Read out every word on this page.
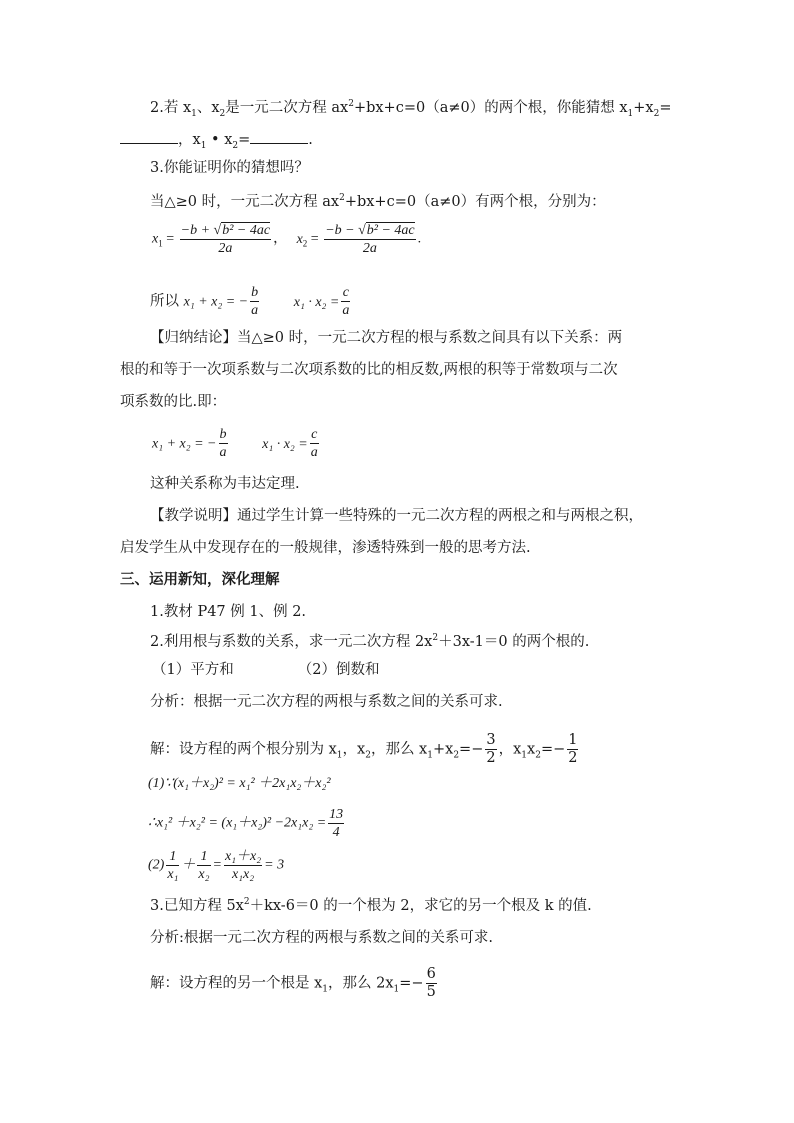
2.若 $x_1$、$x_2$是一元二次方程 $ax^2+bx+c=0(a\ne 0)$的两个根，你能猜想 $x_1+x_2=$
，$x_1$ • $x_2=$	.
3.你能证明你的猜想吗？
当△≥0 时，一元二次方程 $ax^2+bx+c=0(a\ne 0)$有两个根，分别为：
$x_1 = \frac{\text{−b + √b² − 4ac}}{2a}$ ， $x_2 = \frac{\text{−b − √b² − 4ac}}{2a}$ .
所以 x₁ + x₂ = − $\frac{b}{a} x_1 \cdot x_2 = \frac{c}{a}$
【归纳结论】当△≥0 时，一元二次方程的根与系数之间具有以下关系：两
根的和等于一次项系数与二次项系数的比的相反数,两根的积等于常数项与二次
项系数的比.即：
x₁ + x₂ = − $\frac{b}{a} x_1 \cdot x_2 = \frac{c}{a}$
这种关系称为韦达定理.
【教学说明】通过学生计算一些特殊的一元二次方程的两根之和与两根之积，
启发学生从中发现存在的一般规律，渗透特殊到一般的思考方法.
三、运用新知，深化理解
1.教材 P47 例 1、例 2.
2.利用根与系数的关系，求一元二次方程 $2x^2+3x-1=0$ 的两个根的.
（1）平方和	（2）倒数和
分析：根据一元二次方程的两根与系数之间的关系可求.
解：设方程的两个根分别为 $x_1$，$x_2$，那么 $x_1+x_2=- \frac{3}{2}$ ，$x_1x_2=- \frac{1}{2}$
(1)∵(x₁＋x₂)² = x₁² ＋2x₁x₂＋x₂²
∴x₁² $+x_2^2 = (x_1+x_2)^2 -2x_1x_2 = \frac{13}{4}$
$(2) \frac{1}{\text{x₁}} + \frac{1}{\text{x₂}} = \frac{\text{x₁＋x₂}}{\text{x₁x₂}} = 3$
3.已知方程 $5x^2+kx-6=0$ 的一个根为 2，求它的另一个根及 k 的值.
分析:根据一元二次方程的两根与系数之间的关系可求.
解：设方程的另一个根是 $x_1$，那么 $2x_1=- \frac{6}{5}$
